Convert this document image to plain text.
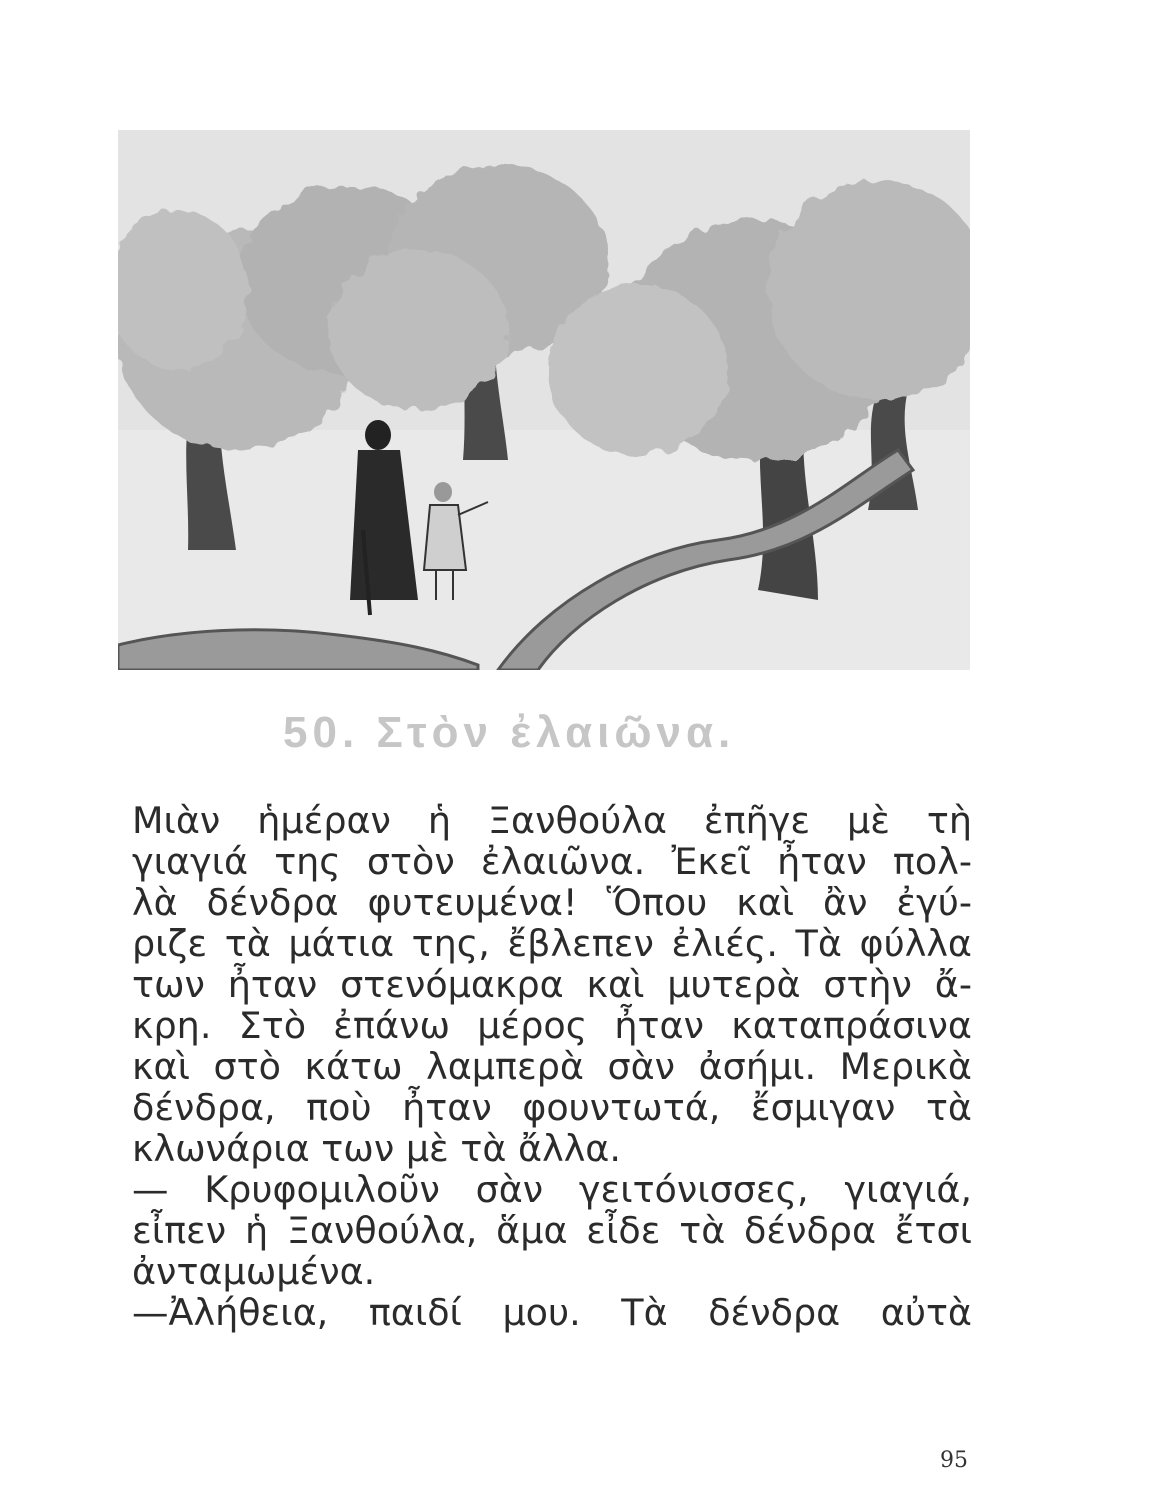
50. Στὸν ἐλαιῶνα.
Μιὰν ἡμέραν ἡ Ξανθούλα ἐπῆγε μὲ τὴ
γιαγιά της στὸν ἐλαιῶνα. Ἐκεῖ ἦταν πολ-
λὰ δένδρα φυτευμένα! Ὅπου καὶ ἂν ἐγύ-
ριζε τὰ μάτια της, ἔβλεπεν ἐλιές. Τὰ φύλλα
των ἦταν στενόμακρα καὶ μυτερὰ στὴν ἄ-
κρη. Στὸ ἐπάνω μέρος ἦταν καταπράσινα
καὶ στὸ κάτω λαμπερὰ σὰν ἀσήμι. Μερικὰ
δένδρα, ποὺ ἦταν φουντωτά, ἔσμιγαν τὰ
κλωνάρια των μὲ τὰ ἄλλα.
— Κρυφομιλοῦν σὰν γειτόνισσες, γιαγιά,
εἶπεν ἡ Ξανθούλα, ἅμα εἶδε τὰ δένδρα ἔτσι
ἀνταμωμένα.
—Ἀλήθεια, παιδί μου. Τὰ δένδρα αὐτὰ
95
